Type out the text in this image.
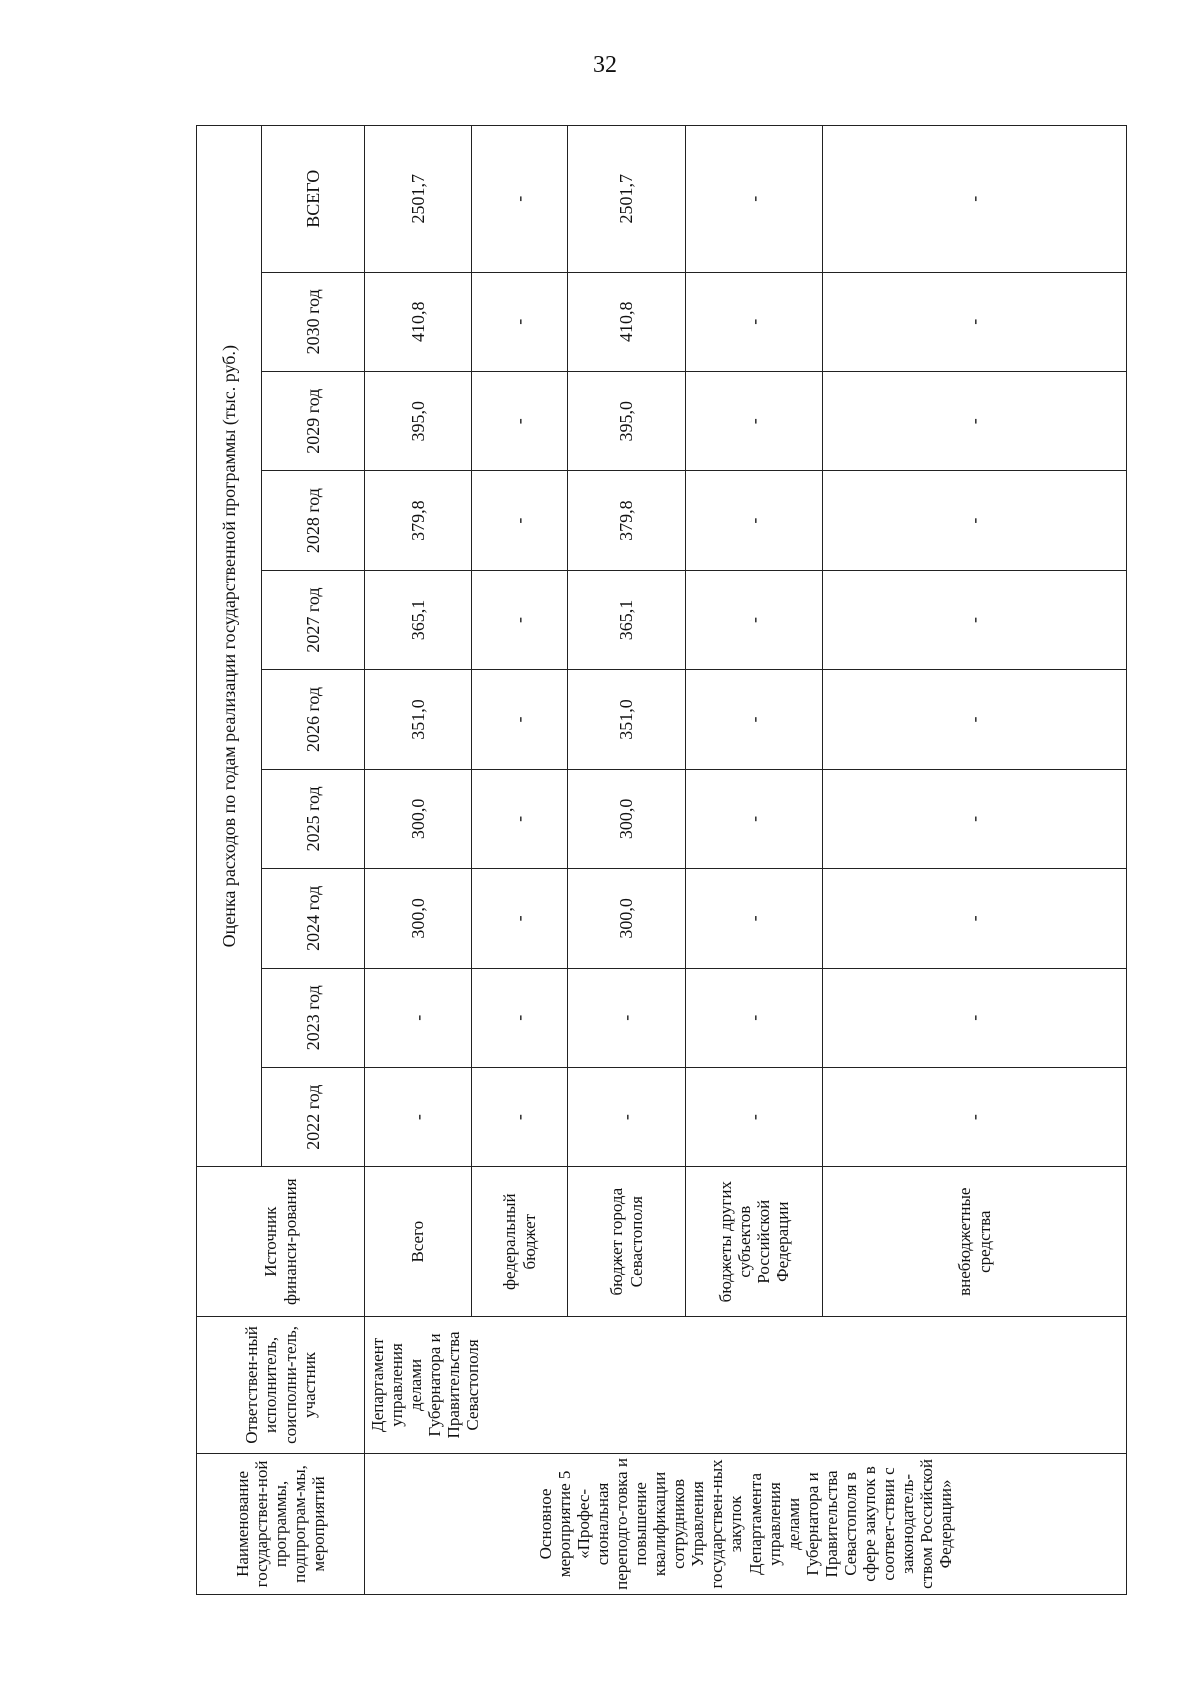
32
Наименование государствен-ной программы, подпрограм-мы, мероприятий	Ответствен-ный исполнитель, соисполни-тель, участник	Источник финанси-рования	Оценка расходов по годам реализации государственной программы (тыс. руб.)									
			2022 год	2023 год	2024 год	2025 год	2026 год	2027 год	2028 год	2029 год	2030 год	ВСЕГО
Основное мероприятие 5 «Профес-сиональная переподго-товка и повышение квалификации сотрудников Управления государствен-ных закупок Департамента управления делами Губернатора и Правительства Севастополя в сфере закупок в соответ-ствии с законодатель-ством Российской Федерации»	Департамент управления делами Губернатора и Правительства Севастополя	Всего	-	-	300,0	300,0	351,0	365,1	379,8	395,0	410,8	2501,7
		федеральный бюджет	-	-	-	-	-	-	-	-	-	-
		бюджет города Севастополя	-	-	300,0	300,0	351,0	365,1	379,8	395,0	410,8	2501,7
		бюджеты других субъектов Российской Федерации	-	-	-	-	-	-	-	-	-	-
		внебюджетные средства	-	-	-	-	-	-	-	-	-	-
